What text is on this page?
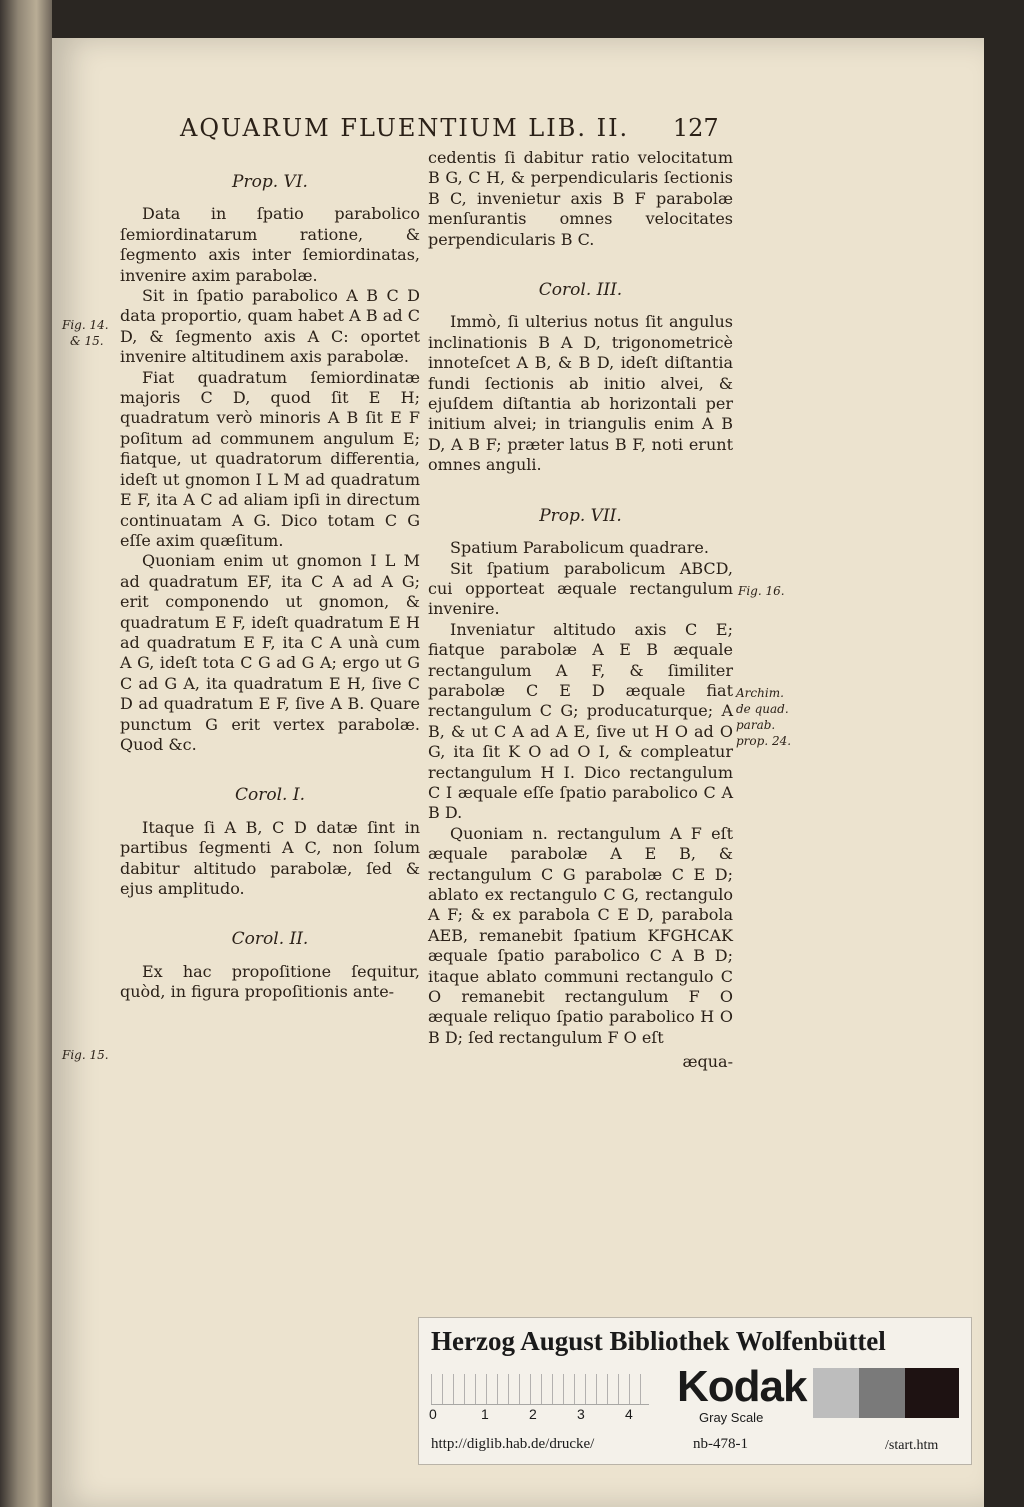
AQUARUM FLUENTIUM LIB. II. 127
Prop. VI.

Data in ſpatio parabolico ſemiordinatarum ratione, & ſegmento axis inter ſemiordinatas, invenire axim parabolæ.

Sit in ſpatio parabolico A B C D data proportio, quam habet A B ad C D, & ſegmento axis A C: oportet invenire altitudinem axis parabolæ.

Fiat quadratum ſemiordinatæ majoris C D, quod ſit E H; quadratum verò minoris A B ſit E F poſitum ad communem angulum E; fiatque, ut quadratorum differentia, ideſt ut gnomon I L M ad quadratum E F, ita A C ad aliam ipſi in directum continuatam A G. Dico totam C G eſſe axim quæſitum.

Quoniam enim ut gnomon I L M ad quadratum EF, ita C A ad A G; erit componendo ut gnomon, & quadratum E F, ideſt quadratum E H ad quadratum E F, ita C A unà cum A G, ideſt tota C G ad G A; ergo ut G C ad G A, ita quadratum E H, ſive C D ad quadratum E F, ſive A B. Quare punctum G erit vertex parabolæ. Quod &c.

Corol. I.

Itaque ſi A B, C D datæ ſint in partibus ſegmenti A C, non ſolum dabitur altitudo parabolæ, ſed & ejus amplitudo.

Corol. II.

Ex hac propoſitione ſequitur, quòd, in figura propoſitionis ante-

cedentis ſi dabitur ratio velocitatum B G, C H, & perpendicularis ſectionis B C, invenietur axis B F parabolæ menſurantis omnes velocitates perpendicularis B C.

Corol. III.

Immò, ſi ulterius notus ſit angulus inclinationis B A D, trigonometricè innoteſcet A B, & B D, ideſt diſtantia fundi ſectionis ab initio alvei, & ejuſdem diſtantia ab horizontali per initium alvei; in triangulis enim A B D, A B F; præter latus B F, noti erunt omnes anguli.

Prop. VII.

Spatium Parabolicum quadrare.

Sit ſpatium parabolicum ABCD, cui opporteat æquale rectangulum invenire.

Inveniatur altitudo axis C E; fiatque parabolæ A E B æquale rectangulum A F, & ſimiliter parabolæ C E D æquale fiat rectangulum C G; producaturque; A B, & ut C A ad A E, ſive ut H O ad O G, ita ſit K O ad O I, & compleatur rectangulum H I. Dico rectangulum C I æquale eſſe ſpatio parabolico C A B D.

Quoniam n. rectangulum A F eſt æquale parabolæ A E B, & rectangulum C G parabolæ C E D; ablato ex rectangulo C G, rectangulo A F; & ex parabola C E D, parabola AEB, remanebit ſpatium KFGHCAK æquale ſpatio parabolico C A B D; itaque ablato communi rectangulo C O remanebit rectangulum F O æquale reliquo ſpatio parabolico H O B D; ſed rectangulum F O eſt

æqua-
Fig. 14.
& 15.
Fig. 15.
Fig. 16.
Archim.
de quad.
parab.
prop. 24.
Herzog August Bibliothek Wolfenbüttel
0	1	2	3	4
Kodak
Gray Scale
http://diglib.hab.de/drucke/	nb-478-1	/start.htm
